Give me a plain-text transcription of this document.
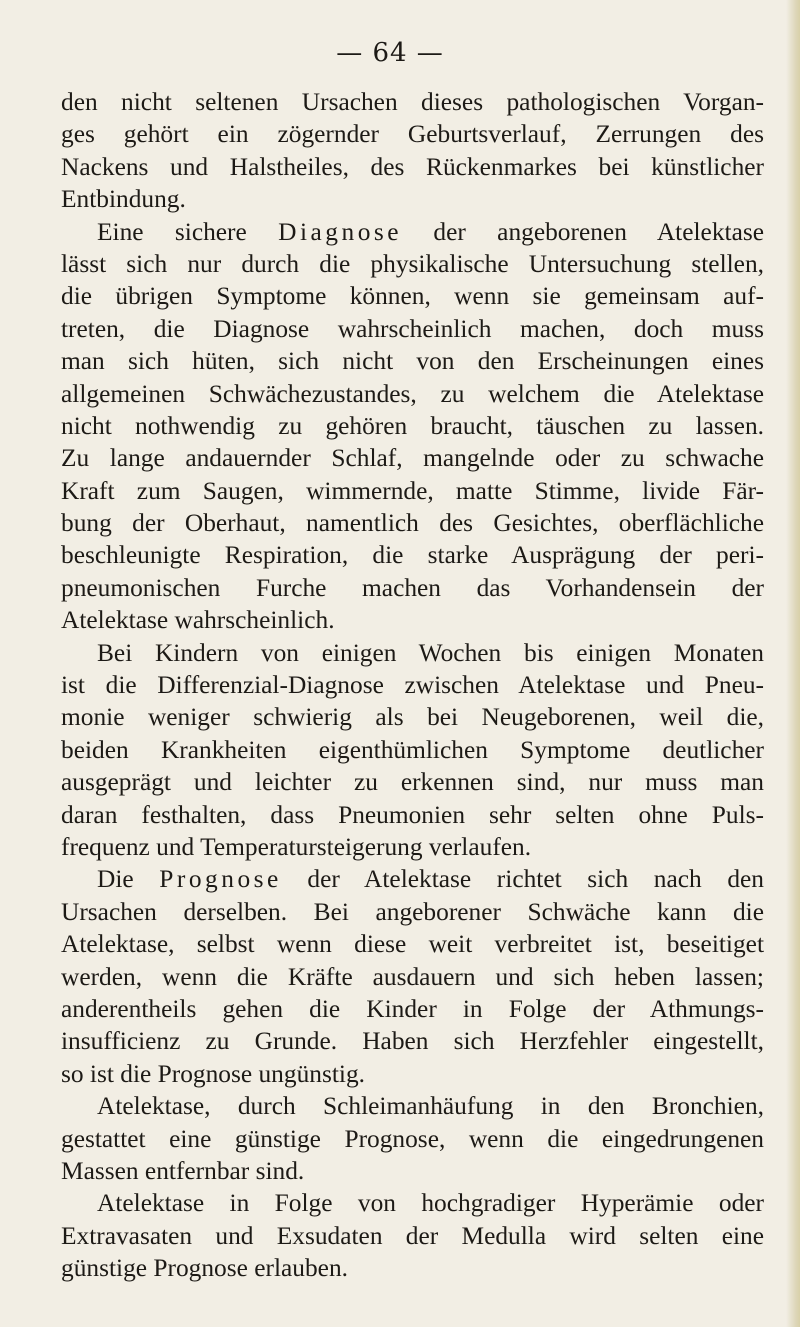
— 64 —
den nicht seltenen Ursachen dieses pathologischen Vorgan-
ges gehört ein zögernder Geburtsverlauf, Zerrungen des
Nackens und Halstheiles, des Rückenmarkes bei künstlicher
Entbindung.
Eine sichere Diagnose der angeborenen Atelektase
lässt sich nur durch die physikalische Untersuchung stellen,
die übrigen Symptome können, wenn sie gemeinsam auf-
treten, die Diagnose wahrscheinlich machen, doch muss
man sich hüten, sich nicht von den Erscheinungen eines
allgemeinen Schwächezustandes, zu welchem die Atelektase
nicht nothwendig zu gehören braucht, täuschen zu lassen.
Zu lange andauernder Schlaf, mangelnde oder zu schwache
Kraft zum Saugen, wimmernde, matte Stimme, livide Fär-
bung der Oberhaut, namentlich des Gesichtes, oberflächliche
beschleunigte Respiration, die starke Ausprägung der peri-
pneumonischen Furche machen das Vorhandensein der
Atelektase wahrscheinlich.
Bei Kindern von einigen Wochen bis einigen Monaten
ist die Differenzial-Diagnose zwischen Atelektase und Pneu-
monie weniger schwierig als bei Neugeborenen, weil die,
beiden Krankheiten eigenthümlichen Symptome deutlicher
ausgeprägt und leichter zu erkennen sind, nur muss man
daran festhalten, dass Pneumonien sehr selten ohne Puls-
frequenz und Temperatursteigerung verlaufen.
Die Prognose der Atelektase richtet sich nach den
Ursachen derselben. Bei angeborener Schwäche kann die
Atelektase, selbst wenn diese weit verbreitet ist, beseitiget
werden, wenn die Kräfte ausdauern und sich heben lassen;
anderentheils gehen die Kinder in Folge der Athmungs-
insufficienz zu Grunde. Haben sich Herzfehler eingestellt,
so ist die Prognose ungünstig.
Atelektase, durch Schleimanhäufung in den Bronchien,
gestattet eine günstige Prognose, wenn die eingedrungenen
Massen entfernbar sind.
Atelektase in Folge von hochgradiger Hyperämie oder
Extravasaten und Exsudaten der Medulla wird selten eine
günstige Prognose erlauben.
